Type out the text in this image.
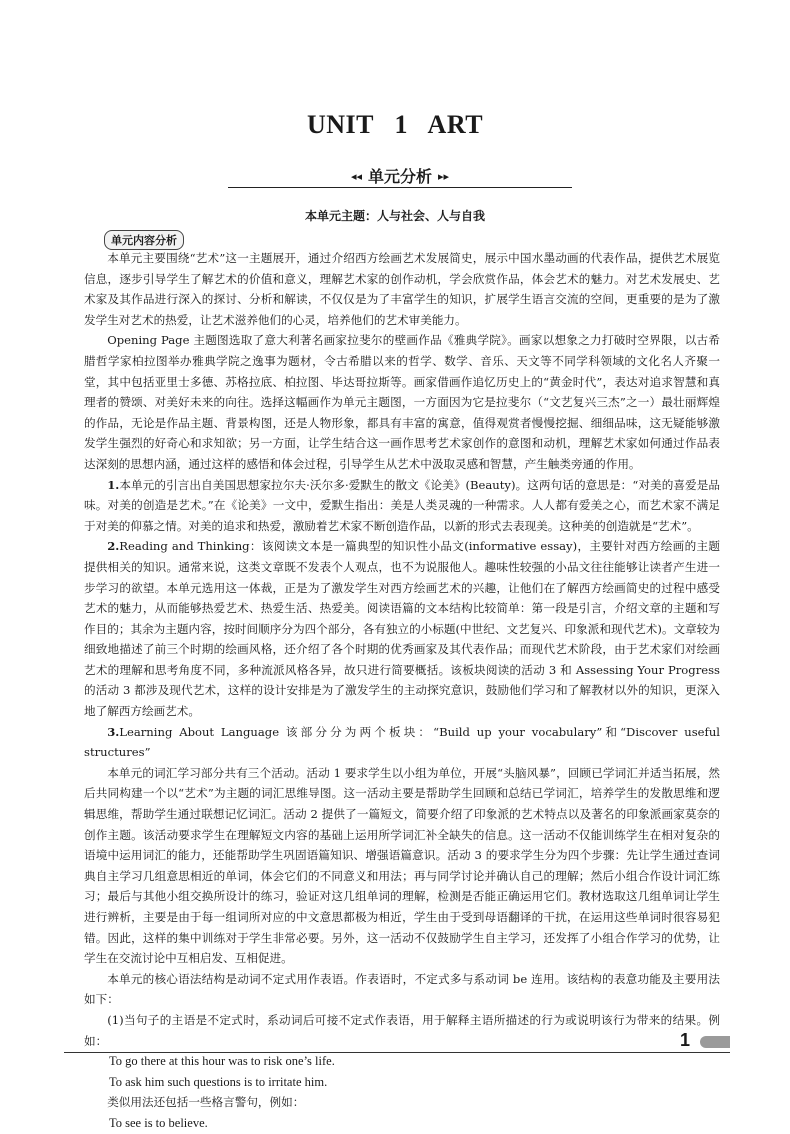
UNIT 1 ART
◂◂ 单元分析 ▸▸
本单元主题：人与社会、人与自我
单元内容分析

本单元主要围绕“艺术”这一主题展开，通过介绍西方绘画艺术发展简史，展示中国水墨动画的代表作品，提供艺术展览信息，逐步引导学生了解艺术的价值和意义，理解艺术家的创作动机，学会欣赏作品，体会艺术的魅力。对艺术发展史、艺术家及其作品进行深入的探讨、分析和解读，不仅仅是为了丰富学生的知识，扩展学生语言交流的空间，更重要的是为了激发学生对艺术的热爱，让艺术滋养他们的心灵，培养他们的艺术审美能力。

Opening Page 主题图选取了意大利著名画家拉斐尔的壁画作品《雅典学院》。画家以想象之力打破时空界限，以古希腊哲学家柏拉图举办雅典学院之逸事为题材，令古希腊以来的哲学、数学、音乐、天文等不同学科领域的文化名人齐聚一堂，其中包括亚里士多德、苏格拉底、柏拉图、毕达哥拉斯等。画家借画作追忆历史上的“黄金时代”，表达对追求智慧和真理者的赞颂、对美好未来的向往。选择这幅画作为单元主题图，一方面因为它是拉斐尔（“文艺复兴三杰”之一）最壮丽辉煌的作品，无论是作品主题、背景构图，还是人物形象，都具有丰富的寓意，值得观赏者慢慢挖掘、细细品味，这无疑能够激发学生强烈的好奇心和求知欲；另一方面，让学生结合这一画作思考艺术家创作的意图和动机，理解艺术家如何通过作品表达深刻的思想内涵，通过这样的感悟和体会过程，引导学生从艺术中汲取灵感和智慧，产生触类旁通的作用。

1.本单元的引言出自美国思想家拉尔夫·沃尔多·爱默生的散文《论美》(Beauty)。这两句话的意思是：“对美的喜爱是品味。对美的创造是艺术。”在《论美》一文中，爱默生指出：美是人类灵魂的一种需求。人人都有爱美之心，而艺术家不满足于对美的仰慕之情。对美的追求和热爱，激励着艺术家不断创造作品，以新的形式去表现美。这种美的创造就是“艺术”。

2.Reading and Thinking：该阅读文本是一篇典型的知识性小品文(informative essay)，主要针对西方绘画的主题提供相关的知识。通常来说，这类文章既不发表个人观点，也不为说服他人。趣味性较强的小品文往往能够让读者产生进一步学习的欲望。本单元选用这一体裁，正是为了激发学生对西方绘画艺术的兴趣，让他们在了解西方绘画简史的过程中感受艺术的魅力，从而能够热爱艺术、热爱生活、热爱美。阅读语篇的文本结构比较简单：第一段是引言，介绍文章的主题和写作目的；其余为主题内容，按时间顺序分为四个部分，各有独立的小标题(中世纪、文艺复兴、印象派和现代艺术)。文章较为细致地描述了前三个时期的绘画风格，还介绍了各个时期的优秀画家及其代表作品；而现代艺术阶段，由于艺术家们对绘画艺术的理解和思考角度不同，多种流派风格各异，故只进行简要概括。该板块阅读的活动 3 和 Assessing Your Progress 的活动 3 都涉及现代艺术，这样的设计安排是为了激发学生的主动探究意识，鼓励他们学习和了解教材以外的知识，更深入地了解西方绘画艺术。

3.Learning About Language 该部分分为两个板块：“Build up your vocabulary”和“Discover useful structures”

本单元的词汇学习部分共有三个活动。活动 1 要求学生以小组为单位，开展“头脑风暴”，回顾已学词汇并适当拓展，然后共同构建一个以“艺术”为主题的词汇思维导图。这一活动主要是帮助学生回顾和总结已学词汇，培养学生的发散思维和逻辑思维，帮助学生通过联想记忆词汇。活动 2 提供了一篇短文，简要介绍了印象派的艺术特点以及著名的印象派画家莫奈的创作主题。该活动要求学生在理解短文内容的基础上运用所学词汇补全缺失的信息。这一活动不仅能训练学生在相对复杂的语境中运用词汇的能力，还能帮助学生巩固语篇知识、增强语篇意识。活动 3 的要求学生分为四个步骤：先让学生通过查词典自主学习几组意思相近的单词，体会它们的不同意义和用法；再与同学讨论并确认自己的理解；然后小组合作设计词汇练习；最后与其他小组交换所设计的练习，验证对这几组单词的理解，检测是否能正确运用它们。教材选取这几组单词让学生进行辨析，主要是由于每一组词所对应的中文意思都极为相近，学生由于受到母语翻译的干扰，在运用这些单词时很容易犯错。因此，这样的集中训练对于学生非常必要。另外，这一活动不仅鼓励学生自主学习，还发挥了小组合作学习的优势，让学生在交流讨论中互相启发、互相促进。

本单元的核心语法结构是动词不定式用作表语。作表语时，不定式多与系动词 be 连用。该结构的表意功能及主要用法如下：

(1)当句子的主语是不定式时，系动词后可接不定式作表语，用于解释主语所描述的行为或说明该行为带来的结果。例如：

To go there at this hour was to risk one’s life.

To ask him such questions is to irritate him.

类似用法还包括一些格言警句，例如：

To see is to believe.

1
